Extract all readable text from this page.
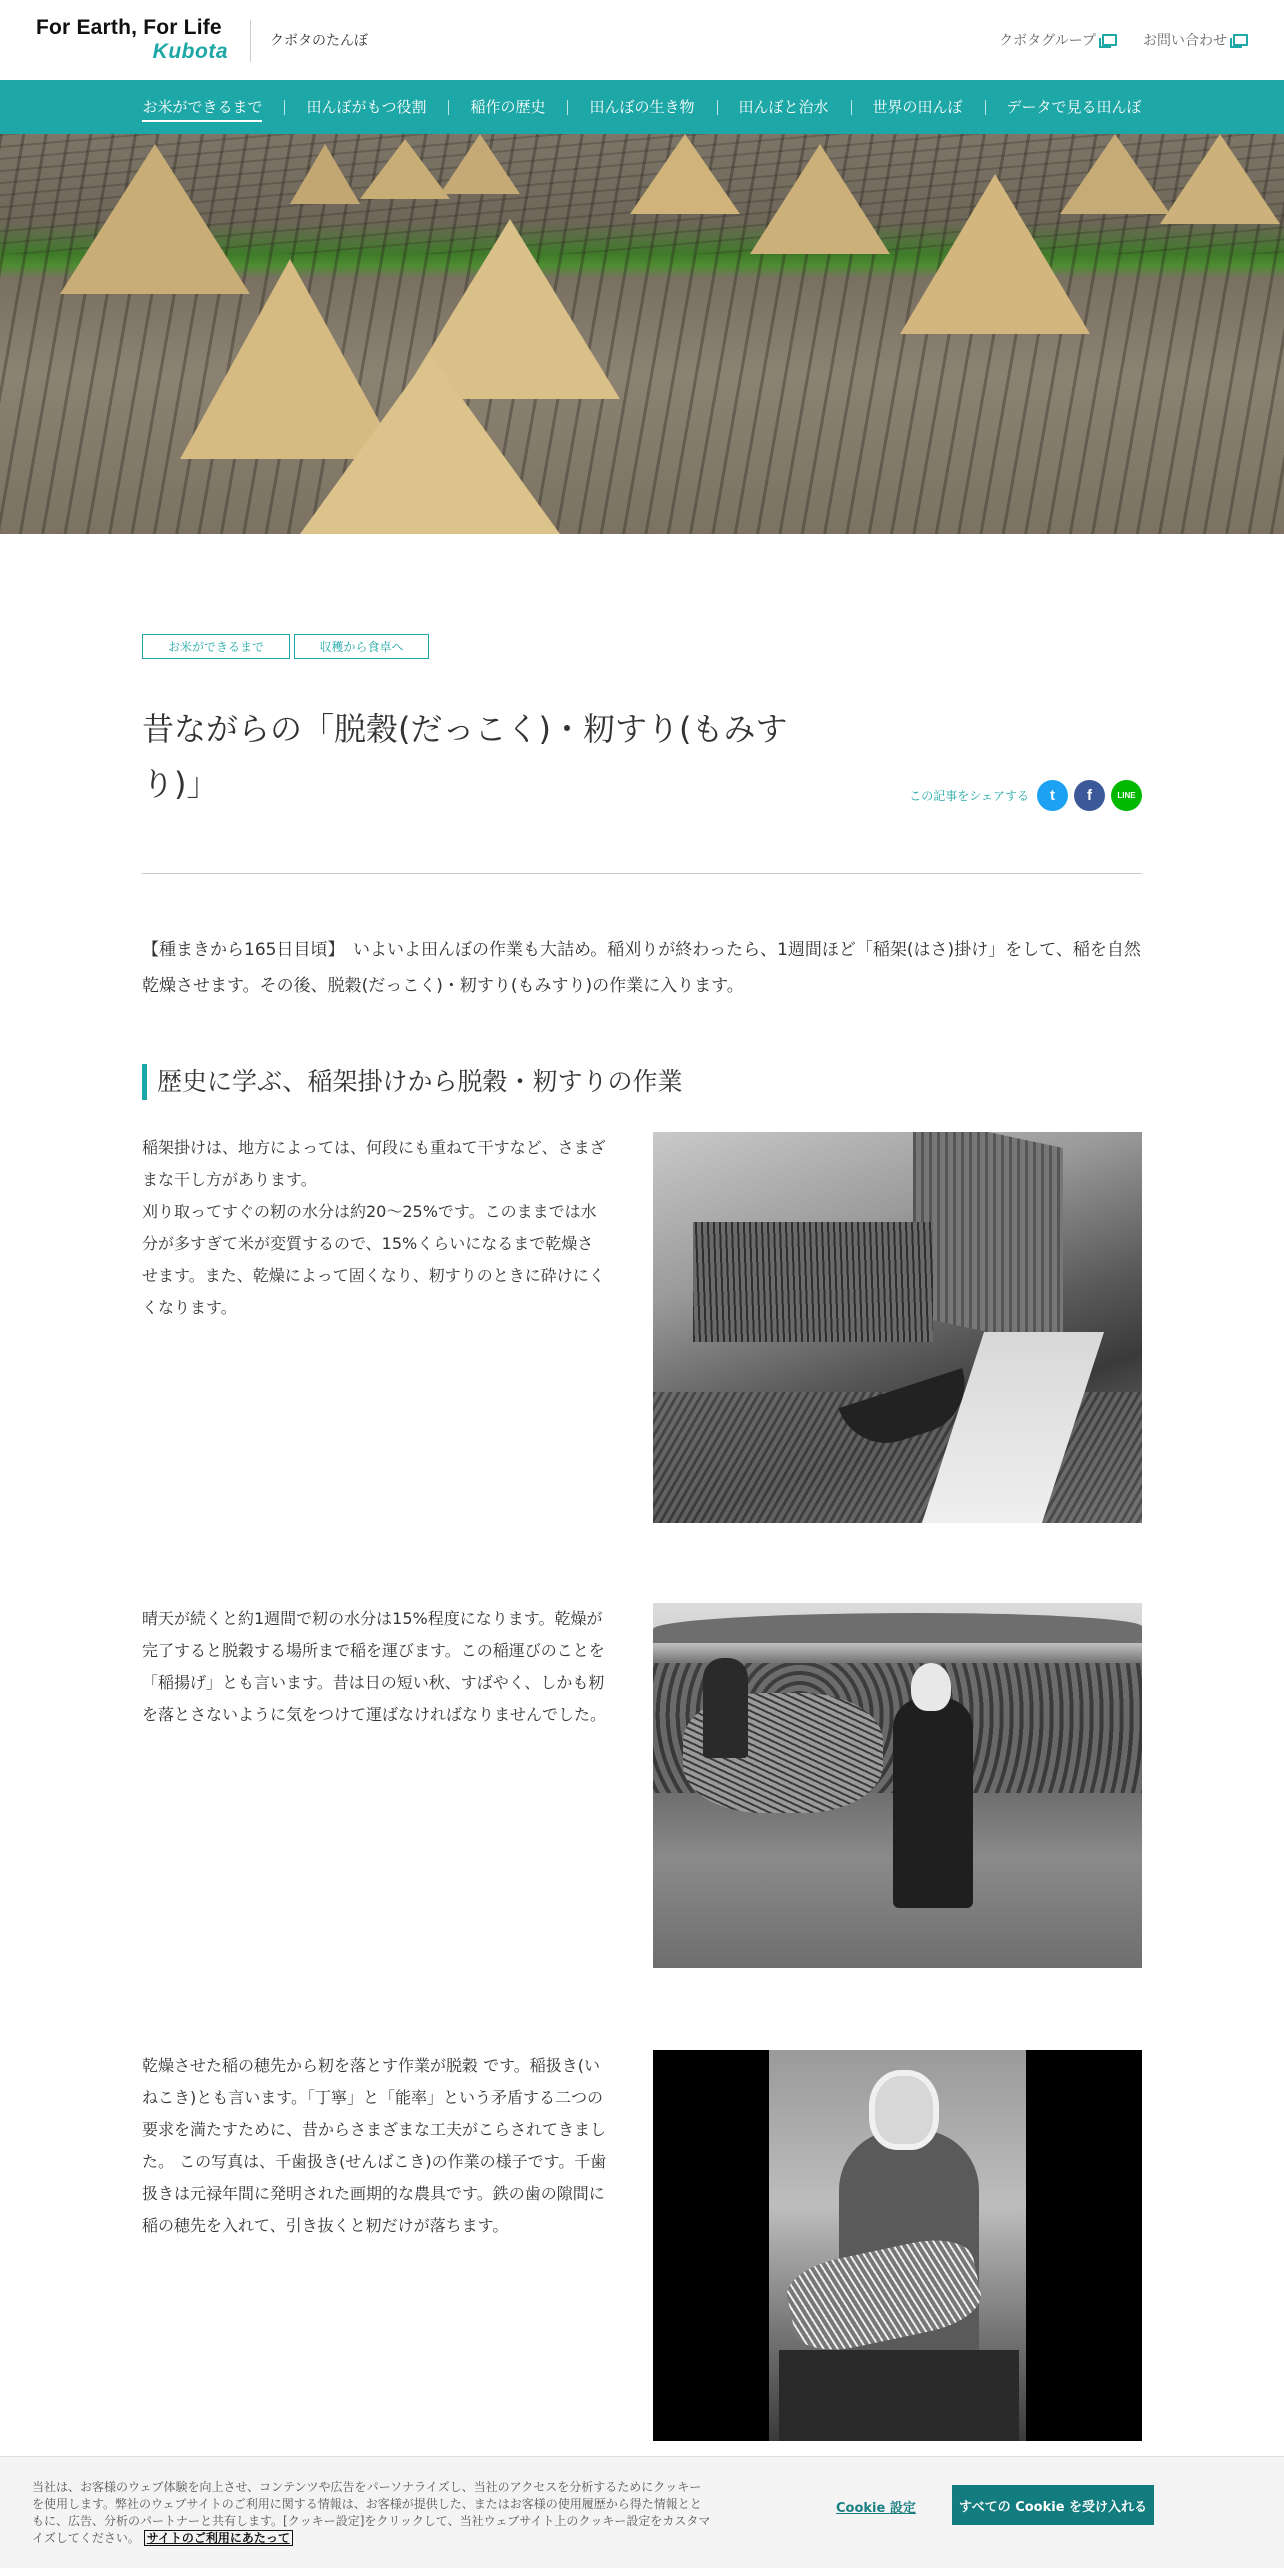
For Earth, For Life
Kubota	クボタのたんぼ	クボタグループ	お問い合わせ
お米ができるまで	田んぼがもつ役割	稲作の歴史	田んぼの生き物	田んぼと治水	世界の田んぼ	データで見る田んぼ
お米ができるまで	収穫から食卓へ
昔ながらの「脱穀(だっこく)・籾すり(もみすり)」	この記事をシェアする	t	f	LINE

【種まきから165日目頃】　いよいよ田んぼの作業も大詰め。稲刈りが終わったら、1週間ほど「稲架(はさ)掛け」をして、稲を自然乾燥させます。その後、脱穀(だっこく)・籾すり(もみすり)の作業に入ります。

歴史に学ぶ、稲架掛けから脱穀・籾すりの作業

稲架掛けは、地方によっては、何段にも重ねて干すなど、さまざまな干し方があります。
刈り取ってすぐの籾の水分は約20〜25%です。このままでは水分が多すぎて米が変質するので、15%くらいになるまで乾燥させます。また、乾燥によって固くなり、籾すりのときに砕けにくくなります。

晴天が続くと約1週間で籾の水分は15%程度になります。乾燥が完了すると脱穀する場所まで稲を運びます。この稲運びのことを「稲揚げ」とも言います。昔は日の短い秋、すばやく、しかも籾を落とさないように気をつけて運ばなければなりませんでした。

乾燥させた稲の穂先から籾を落とす作業が脱穀 です。稲扱き(いねこき)とも言います。「丁寧」と「能率」という矛盾する二つの要求を満たすために、昔からさまざまな工夫がこらされてきました。 この写真は、千歯扱き(せんばこき)の作業の様子です。千歯扱きは元禄年間に発明された画期的な農具です。鉄の歯の隙間に稲の穂先を入れて、引き抜くと籾だけが落ちます。

当社は、お客様のウェブ体験を向上させ、コンテンツや広告をパーソナライズし、当社のアクセスを分析するためにクッキーを使用します。弊社のウェブサイトのご利用に関する情報は、お客様が提供した、またはお客様の使用履歴から得た情報とともに、広告、分析のパートナーと共有します。[クッキー設定]をクリックして、当社ウェブサイト上のクッキー設定をカスタマイズしてください。 サイトのご利用にあたって

Cookie 設定	すべての Cookie を受け入れる
